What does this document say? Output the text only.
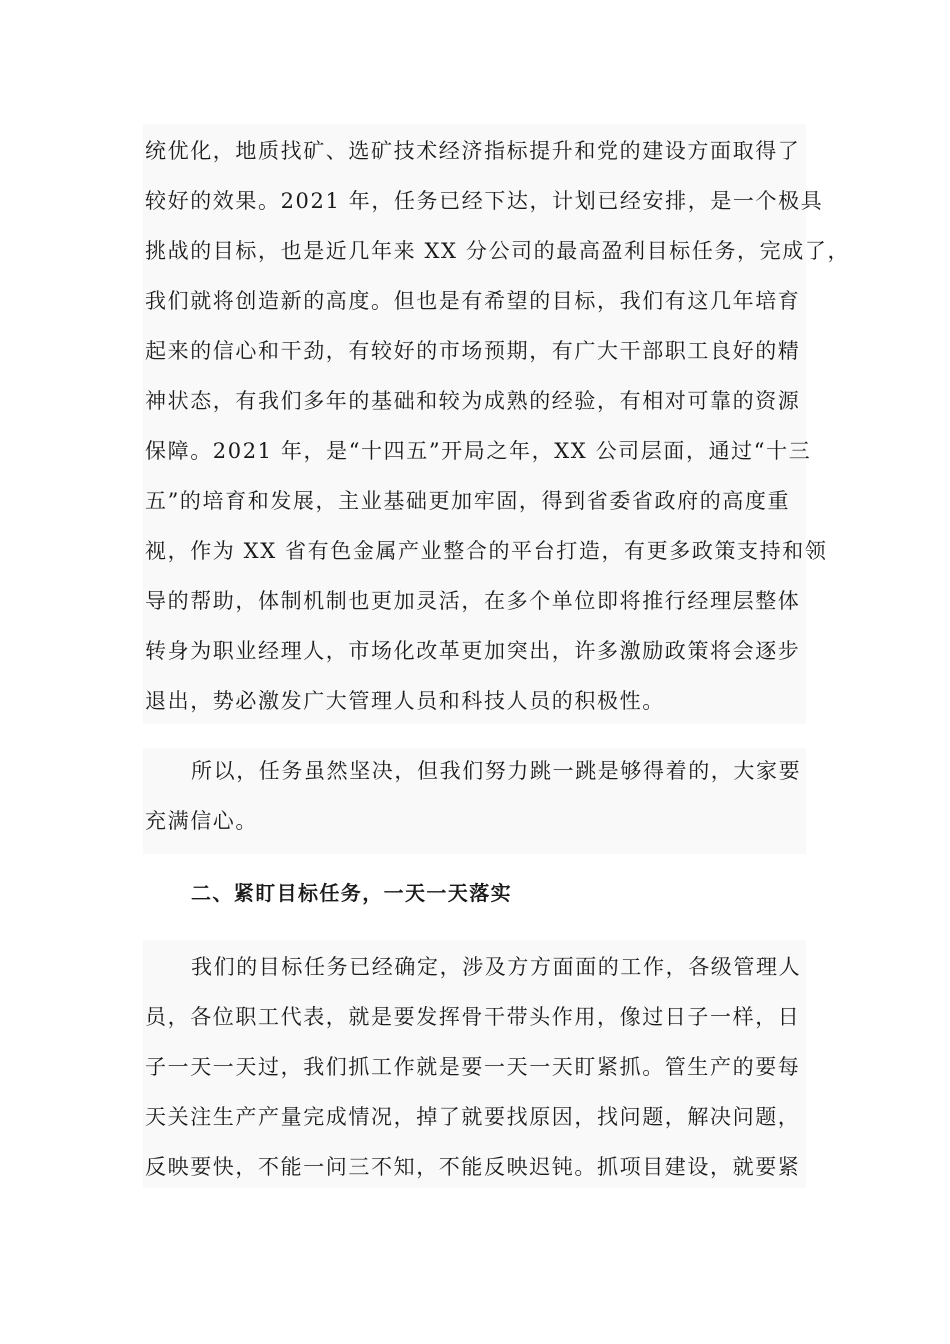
统优化，地质找矿、选矿技术经济指标提升和党的建设方面取得了
较好的效果。2021 年，任务已经下达，计划已经安排，是一个极具
挑战的目标，也是近几年来 XX 分公司的最高盈利目标任务，完成了，
我们就将创造新的高度。但也是有希望的目标，我们有这几年培育
起来的信心和干劲，有较好的市场预期，有广大干部职工良好的精
神状态，有我们多年的基础和较为成熟的经验，有相对可靠的资源
保障。2021 年，是“十四五”开局之年，XX 公司层面，通过“十三
五”的培育和发展，主业基础更加牢固，得到省委省政府的高度重
视，作为 XX 省有色金属产业整合的平台打造，有更多政策支持和领
导的帮助，体制机制也更加灵活，在多个单位即将推行经理层整体
转身为职业经理人，市场化改革更加突出，许多激励政策将会逐步
退出，势必激发广大管理人员和科技人员的积极性。
所以，任务虽然坚决，但我们努力跳一跳是够得着的，大家要
充满信心。
二、紧盯目标任务，一天一天落实
我们的目标任务已经确定，涉及方方面面的工作，各级管理人
员，各位职工代表，就是要发挥骨干带头作用，像过日子一样，日
子一天一天过，我们抓工作就是要一天一天盯紧抓。管生产的要每
天关注生产产量完成情况，掉了就要找原因，找问题，解决问题，
反映要快，不能一问三不知，不能反映迟钝。抓项目建设，就要紧
